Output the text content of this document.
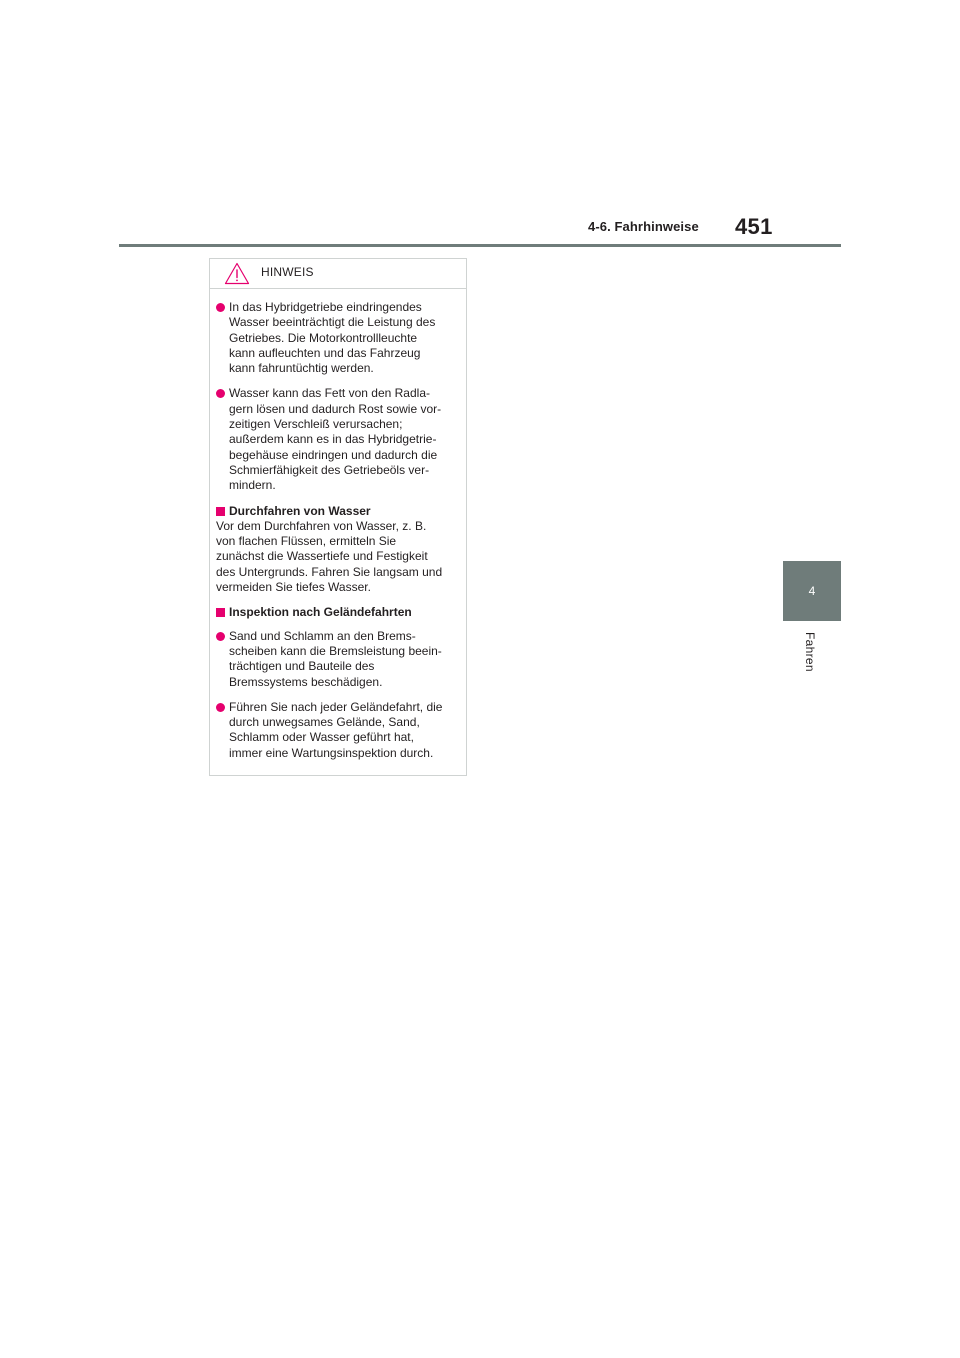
4-6. Fahrhinweise 451
4
Fahren
HINWEIS
In das Hybridgetriebe eindringendes
Wasser beeinträchtigt die Leistung des
Getriebes. Die Motorkontrollleuchte
kann aufleuchten und das Fahrzeug
kann fahruntüchtig werden.
Wasser kann das Fett von den Radla-
gern lösen und dadurch Rost sowie vor-
zeitigen Verschleiß verursachen;
außerdem kann es in das Hybridgetrie-
begehäuse eindringen und dadurch die
Schmierfähigkeit des Getriebeöls ver-
mindern.
Durchfahren von Wasser
Vor dem Durchfahren von Wasser, z. B.
von flachen Flüssen, ermitteln Sie
zunächst die Wassertiefe und Festigkeit
des Untergrunds. Fahren Sie langsam und
vermeiden Sie tiefes Wasser.
Inspektion nach Geländefahrten
Sand und Schlamm an den Brems-
scheiben kann die Bremsleistung beein-
trächtigen und Bauteile des
Bremssystems beschädigen.
Führen Sie nach jeder Geländefahrt, die
durch unwegsames Gelände, Sand,
Schlamm oder Wasser geführt hat,
immer eine Wartungsinspektion durch.
